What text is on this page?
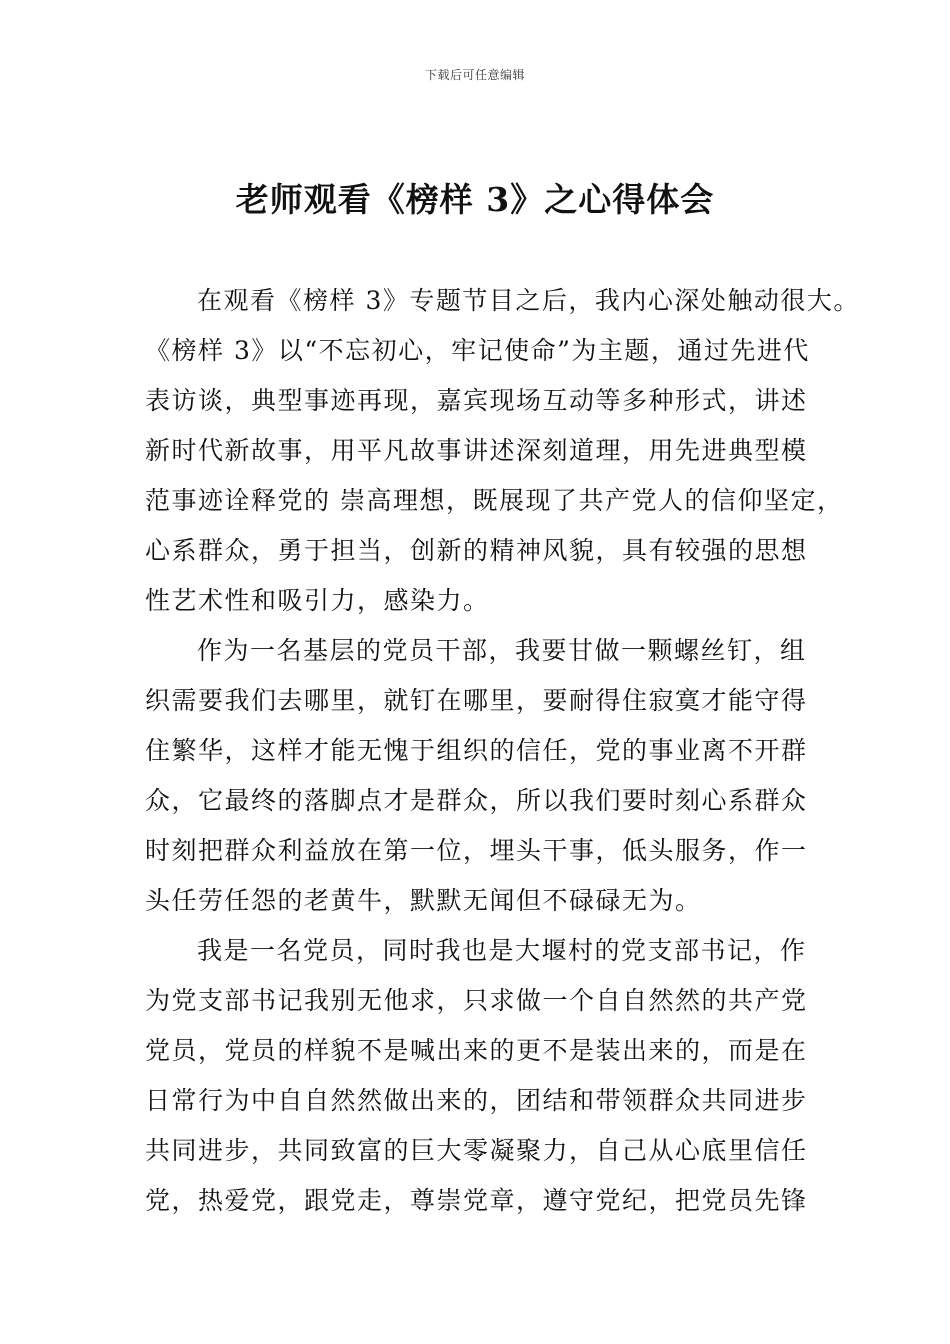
下载后可任意编辑
老师观看《榜样 3》之心得体会
在观看《榜样 3》专题节目之后，我内心深处触动很大。
《榜样 3》以“不忘初心，牢记使命”为主题，通过先进代
表访谈，典型事迹再现，嘉宾现场互动等多种形式，讲述
新时代新故事，用平凡故事讲述深刻道理，用先进典型模
范事迹诠释党的 崇高理想，既展现了共产党人的信仰坚定，
心系群众，勇于担当，创新的精神风貌，具有较强的思想
性艺术性和吸引力，感染力。
作为一名基层的党员干部，我要甘做一颗螺丝钉，组
织需要我们去哪里，就钉在哪里，要耐得住寂寞才能守得
住繁华，这样才能无愧于组织的信任，党的事业离不开群
众，它最终的落脚点才是群众，所以我们要时刻心系群众
时刻把群众利益放在第一位，埋头干事，低头服务，作一
头任劳任怨的老黄牛，默默无闻但不碌碌无为。
我是一名党员，同时我也是大堰村的党支部书记，作
为党支部书记我别无他求，只求做一个自自然然的共产党
党员，党员的样貌不是喊出来的更不是装出来的，而是在
日常行为中自自然然做出来的，团结和带领群众共同进步
共同进步，共同致富的巨大零凝聚力，自己从心底里信任
党，热爱党，跟党走，尊崇党章，遵守党纪，把党员先锋
